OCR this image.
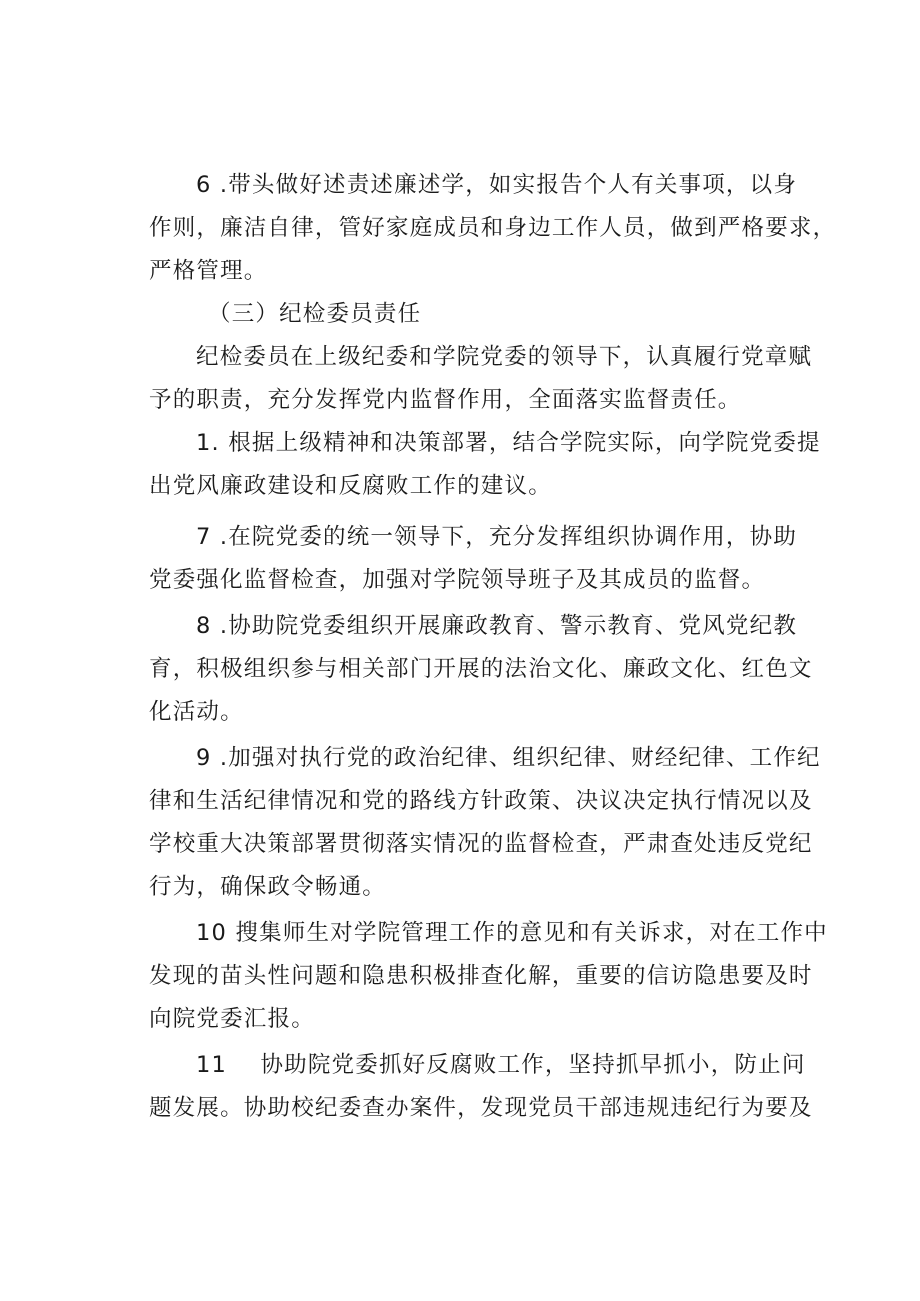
6 .带头做好述责述廉述学，如实报告个人有关事项，以身
作则，廉洁自律，管好家庭成员和身边工作人员，做到严格要求，
严格管理。
（三）纪检委员责任
纪检委员在上级纪委和学院党委的领导下，认真履行党章赋
予的职责，充分发挥党内监督作用，全面落实监督责任。
1. 根据上级精神和决策部署，结合学院实际，向学院党委提
出党风廉政建设和反腐败工作的建议。
7 .在院党委的统一领导下，充分发挥组织协调作用，协助
党委强化监督检查，加强对学院领导班子及其成员的监督。
8 .协助院党委组织开展廉政教育、警示教育、党风党纪教
育，积极组织参与相关部门开展的法治文化、廉政文化、红色文
化活动。
9 .加强对执行党的政治纪律、组织纪律、财经纪律、工作纪
律和生活纪律情况和党的路线方针政策、决议决定执行情况以及
学校重大决策部署贯彻落实情况的监督检查，严肃查处违反党纪
行为，确保政令畅通。
10 搜集师生对学院管理工作的意见和有关诉求，对在工作中
发现的苗头性问题和隐患积极排查化解，重要的信访隐患要及时
向院党委汇报。
11    协助院党委抓好反腐败工作，坚持抓早抓小，防止问
题发展。协助校纪委查办案件，发现党员干部违规违纪行为要及
